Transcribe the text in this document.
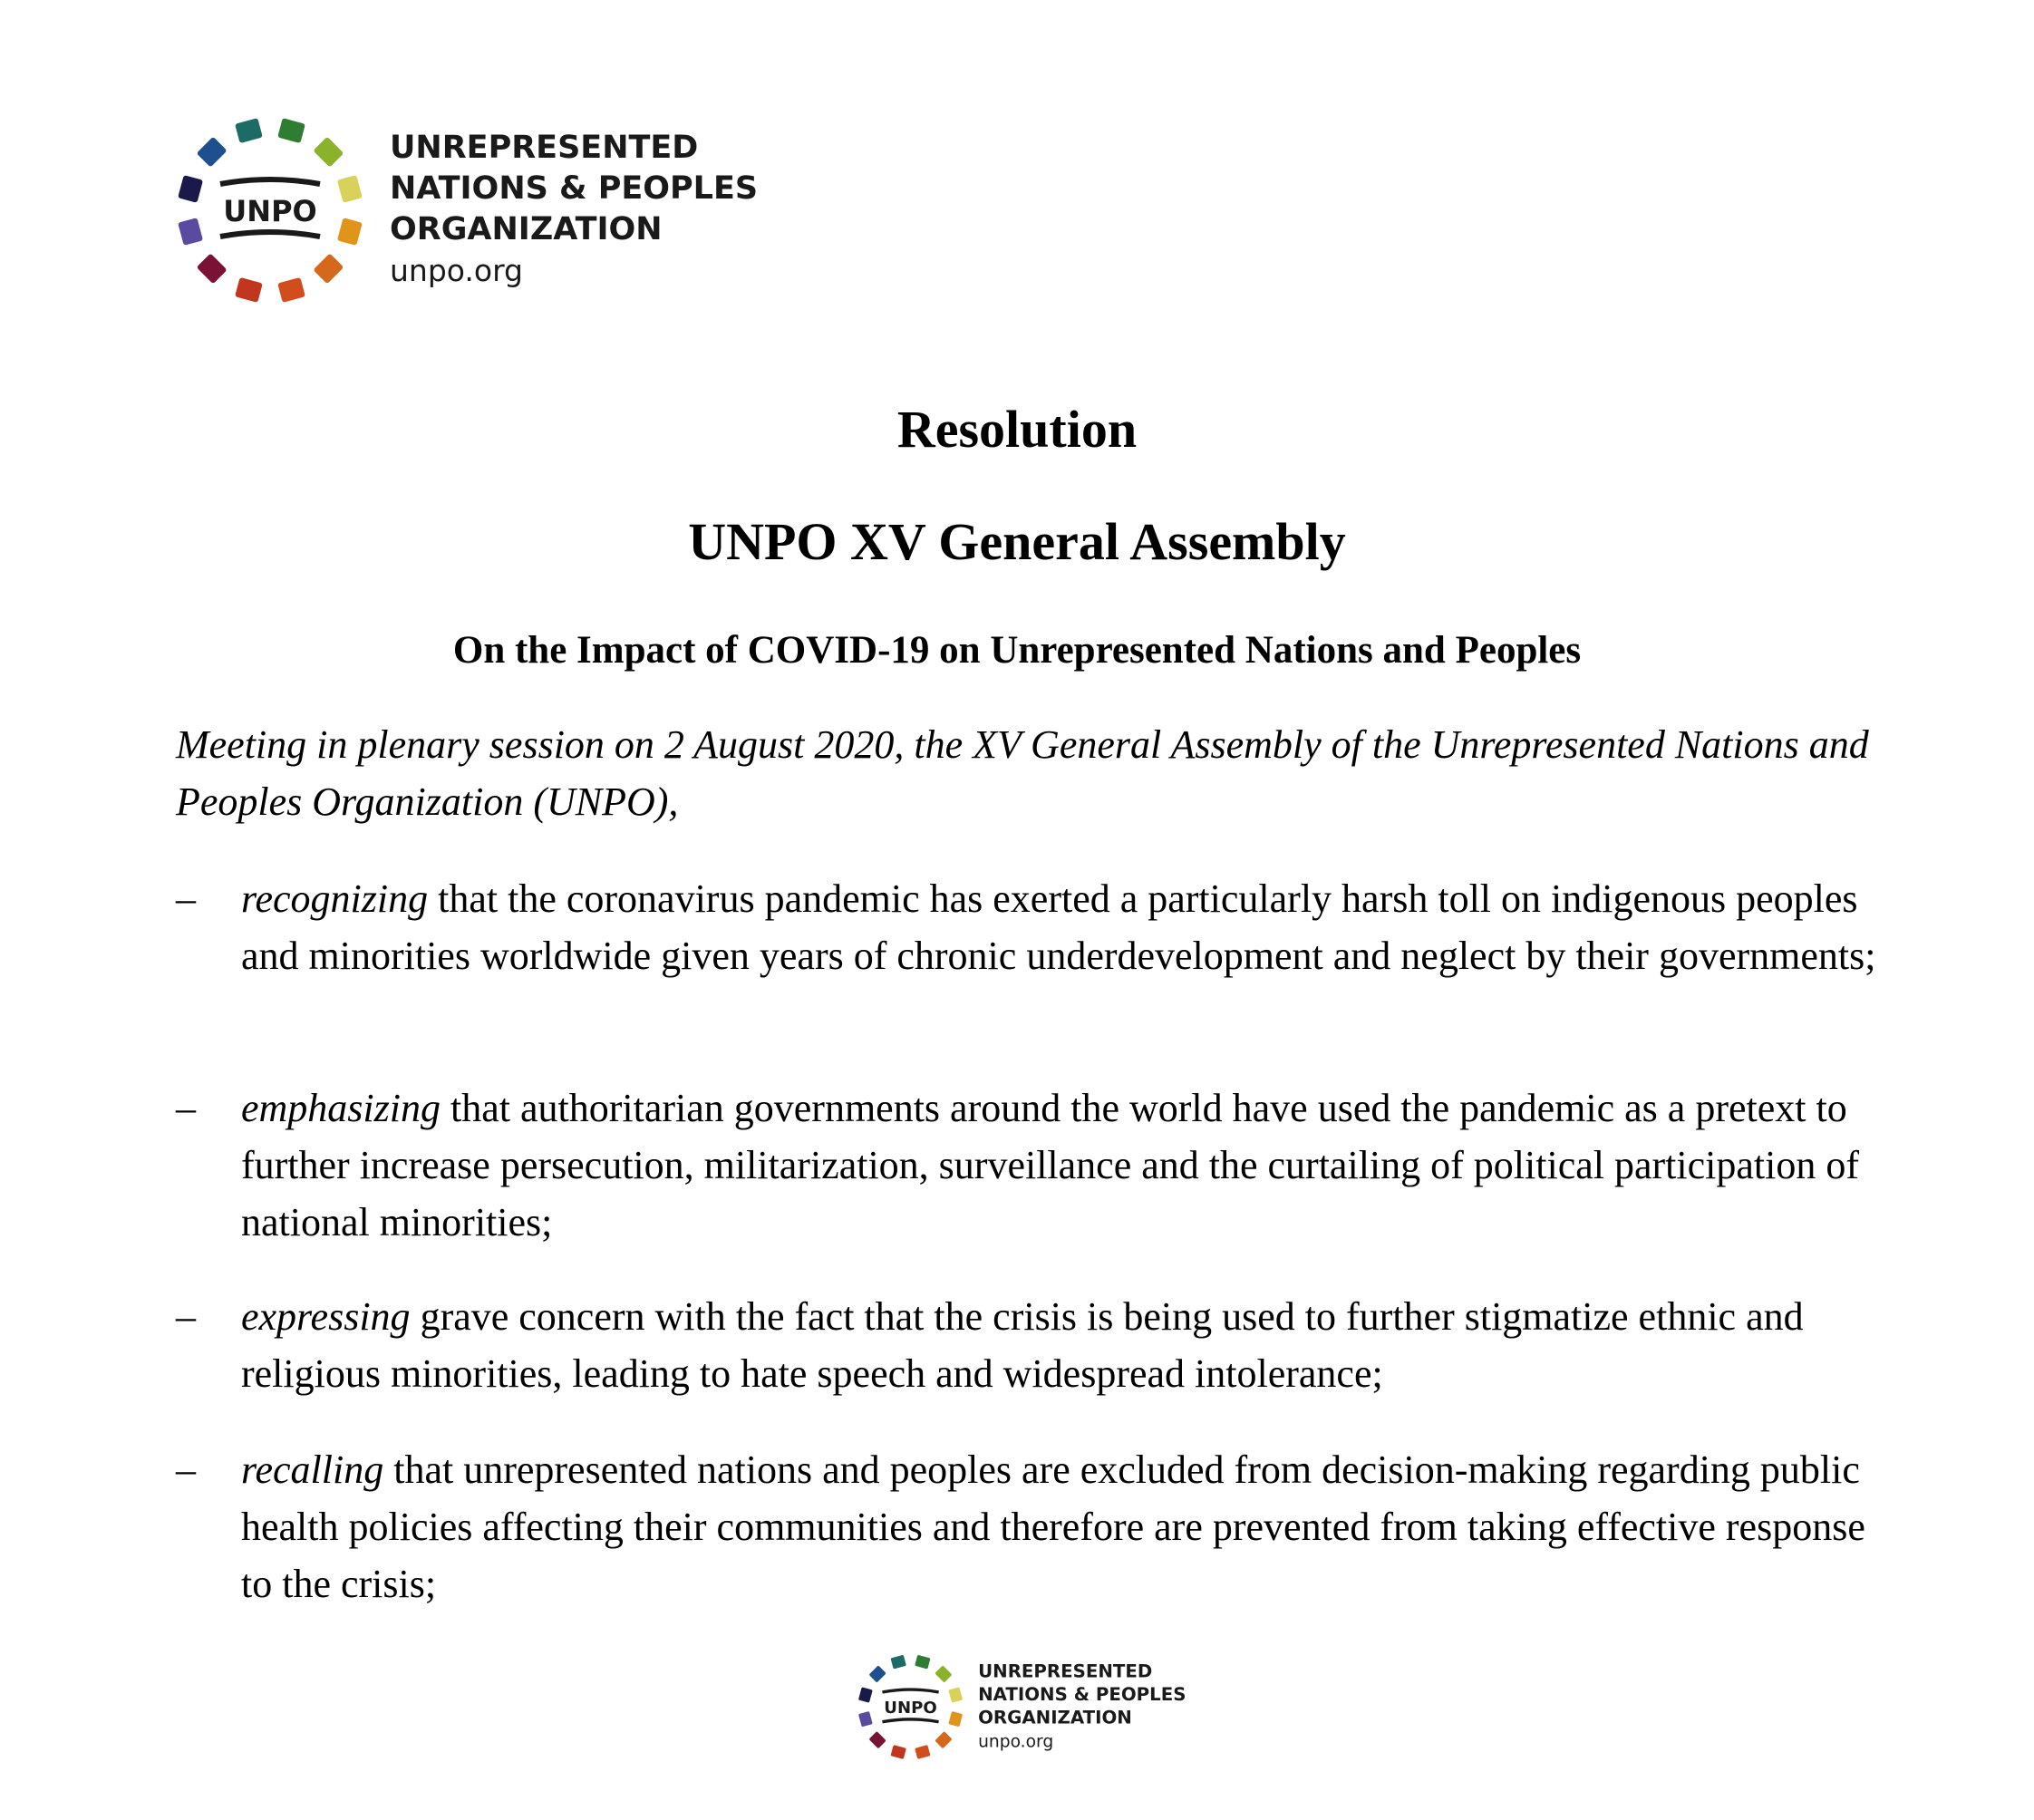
UNPO
UNREPRESENTED
NATIONS & PEOPLES
ORGANIZATION
unpo.org
Resolution
UNPO XV General Assembly
On the Impact of COVID-19 on Unrepresented Nations and Peoples

Meeting in plenary session on 2 August 2020, the XV General Assembly of the Unrepresented Nations and Peoples Organization (UNPO),

– recognizing that the coronavirus pandemic has exerted a particularly harsh toll on indigenous peoples and minorities worldwide given years of chronic underdevelopment and neglect by their governments;
– emphasizing that authoritarian governments around the world have used the pandemic as a pretext to further increase persecution, militarization, surveillance and the curtailing of political participation of national minorities;
– expressing grave concern with the fact that the crisis is being used to further stigmatize ethnic and religious minorities, leading to hate speech and widespread intolerance;
– recalling that unrepresented nations and peoples are excluded from decision-making regarding public health policies affecting their communities and therefore are prevented from taking effective response to the crisis;
UNPO
UNREPRESENTED
NATIONS & PEOPLES
ORGANIZATION
unpo.org
